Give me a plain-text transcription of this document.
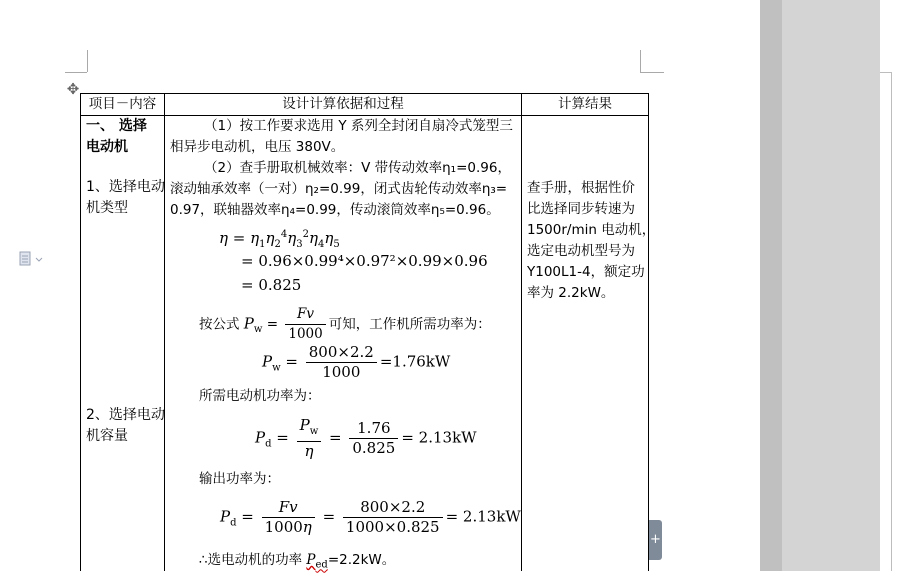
✥
项目－内容	设计计算依据和过程	计算结果
一、 选择
电动机
1、选择电动
机类型
2、选择电动
机容量
（1）按工作要求选用 Y 系列全封闭自扇冷式笼型三
相异步电动机，电压 380V。
（2）查手册取机械效率：V 带传动效率η₁=0.96，
滚动轴承效率（一对）η₂=0.99，闭式齿轮传动效率η₃=
0.97，联轴器效率η₄=0.99，传动滚筒效率η₅=0.96。
$\eta = \eta_1\eta_2^4\eta_3^2\eta_4\eta_5$
= 0.96×0.99⁴×0.97²×0.99×0.96
= 0.825
按公式 $P_w = \frac{Fv}{1000}$ 可知，工作机所需功率为：
$P_w = \frac{800\times 2.2}{1000} =1.76kW$
所需电动机功率为：
$P_d = \frac{P_w}{\eta} = \frac{1.76}{0.825} = 2.13kW$
输出功率为：
$P_d = \frac{Fv}{1000\eta} = \frac{800\times 2.2}{1000\times 0.825} = 2.13kW$
∴选电动机的功率 $P_{ed}=2.2kW$。
查手册，根据性价
比选择同步转速为
1500r/min 电动机，
选定电动机型号为
Y100L1-4，额定功
率为 2.2kW。
+
